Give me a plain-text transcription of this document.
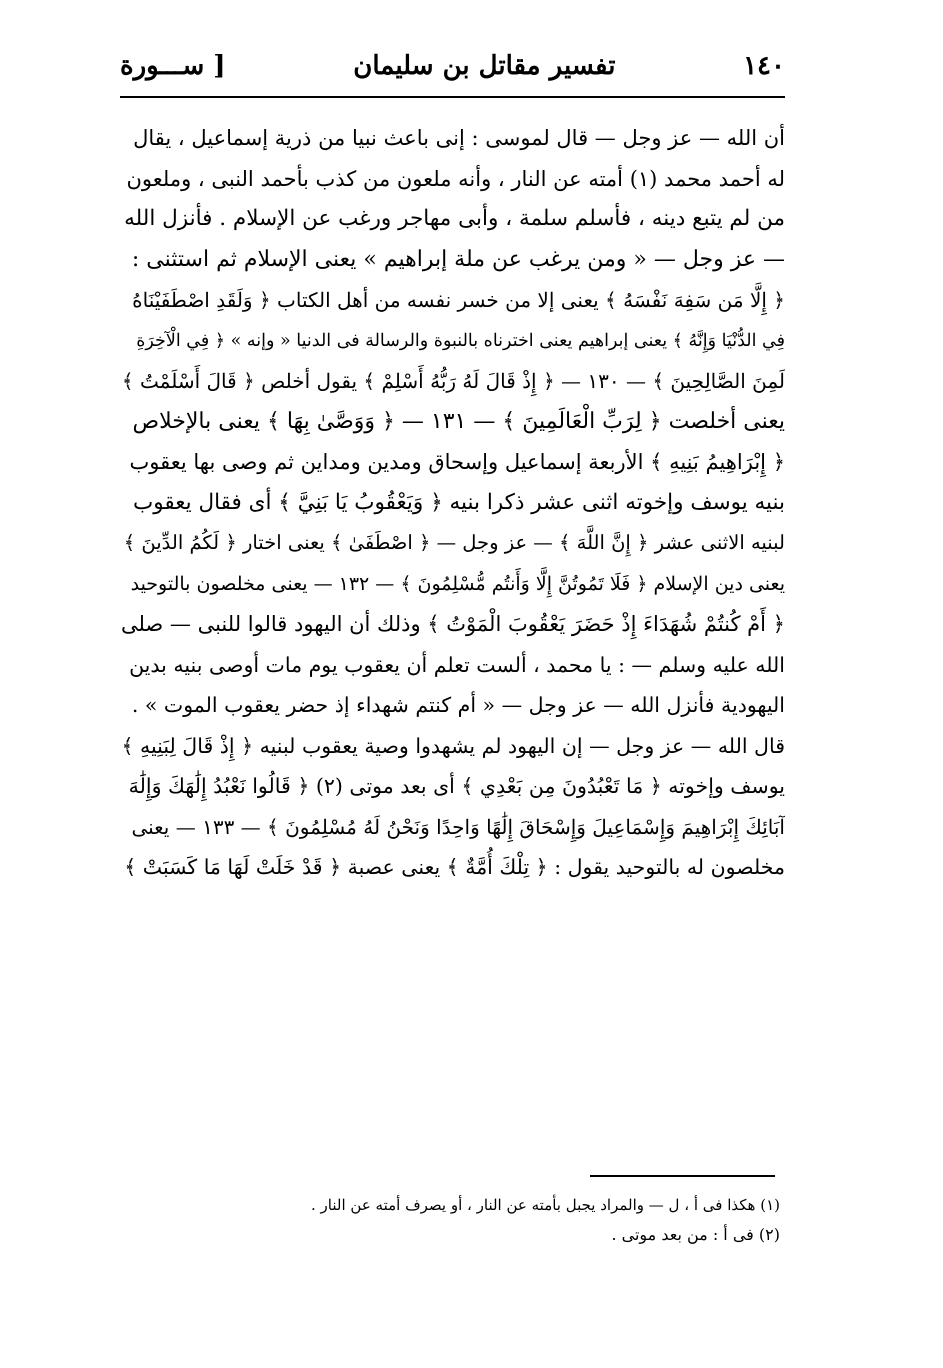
١٤٠
تفسير مقاتل بن سليمان
[ ســـورة
أن الله — عز وجل — قال لموسى : إنى باعث نبيا من ذرية إسماعيل ، يقال
له أحمد محمد (١) أمته عن النار ، وأنه ملعون من كذب بأحمد النبى ، وملعون
من لم يتبع دينه ، فأسلم سلمة ، وأبى مهاجر ورغب عن الإسلام . فأنزل الله
— عز وجل — « ومن يرغب عن ملة إبراهيم » يعنى الإسلام ثم استثنى :
﴿ إِلَّا مَن سَفِهَ نَفْسَهُ ﴾ يعنى إلا من خسر نفسه من أهل الكتاب ﴿ وَلَقَدِ اصْطَفَيْنَاهُ
فِي الدُّنْيَا وَإِنَّهُ ﴾ يعنى إبراهيم يعنى اخترناه بالنبوة والرسالة فى الدنيا « وإنه » ﴿ فِي الْآخِرَةِ
لَمِنَ الصَّالِحِينَ ﴾ — ١٣٠ — ﴿ إِذْ قَالَ لَهُ رَبُّهُ أَسْلِمْ ﴾ يقول أخلص ﴿ قَالَ أَسْلَمْتُ ﴾
يعنى أخلصت ﴿ لِرَبِّ الْعَالَمِينَ ﴾ — ١٣١ — ﴿ وَوَصَّىٰ بِهَا ﴾ يعنى بالإخلاص
﴿ إِبْرَاهِيمُ بَنِيهِ ﴾ الأربعة إسماعيل وإسحاق ومدين ومداين ثم وصى بها يعقوب
بنيه يوسف وإخوته اثنى عشر ذكرا بنيه ﴿ وَيَعْقُوبُ يَا بَنِيَّ ﴾ أى فقال يعقوب
لبنيه الاثنى عشر ﴿ إِنَّ اللَّهَ ﴾ — عز وجل — ﴿ اصْطَفَىٰ ﴾ يعنى اختار ﴿ لَكُمُ الدِّينَ ﴾
يعنى دين الإسلام ﴿ فَلَا تَمُوتُنَّ إِلَّا وَأَنتُم مُّسْلِمُونَ ﴾ — ١٣٢ — يعنى مخلصون بالتوحيد
﴿ أَمْ كُنتُمْ شُهَدَاءَ إِذْ حَضَرَ يَعْقُوبَ الْمَوْتُ ﴾ وذلك أن اليهود قالوا للنبى — صلى
الله عليه وسلم — : يا محمد ، ألست تعلم أن يعقوب يوم مات أوصى بنيه بدين
اليهودية فأنزل الله — عز وجل — « أم كنتم شهداء إذ حضر يعقوب الموت » .
قال الله — عز وجل — إن اليهود لم يشهدوا وصية يعقوب لبنيه ﴿ إِذْ قَالَ لِبَنِيهِ ﴾
يوسف وإخوته ﴿ مَا تَعْبُدُونَ مِن بَعْدِي ﴾ أى بعد موتى (٢) ﴿ قَالُوا نَعْبُدُ إِلَٰهَكَ وَإِلَٰهَ
آبَائِكَ إِبْرَاهِيمَ وَإِسْمَاعِيلَ وَإِسْحَاقَ إِلَٰهًا وَاحِدًا وَنَحْنُ لَهُ مُسْلِمُونَ ﴾ — ١٣٣ — يعنى
مخلصون له بالتوحيد يقول : ﴿ تِلْكَ أُمَّةٌ ﴾ يعنى عصبة ﴿ قَدْ خَلَتْ لَهَا مَا كَسَبَتْ ﴾
(١) هكذا فى أ ، ل — والمراد يجبل بأمته عن النار ، أو يصرف أمته عن النار .
(٢) فى أ : من بعد موتى .
